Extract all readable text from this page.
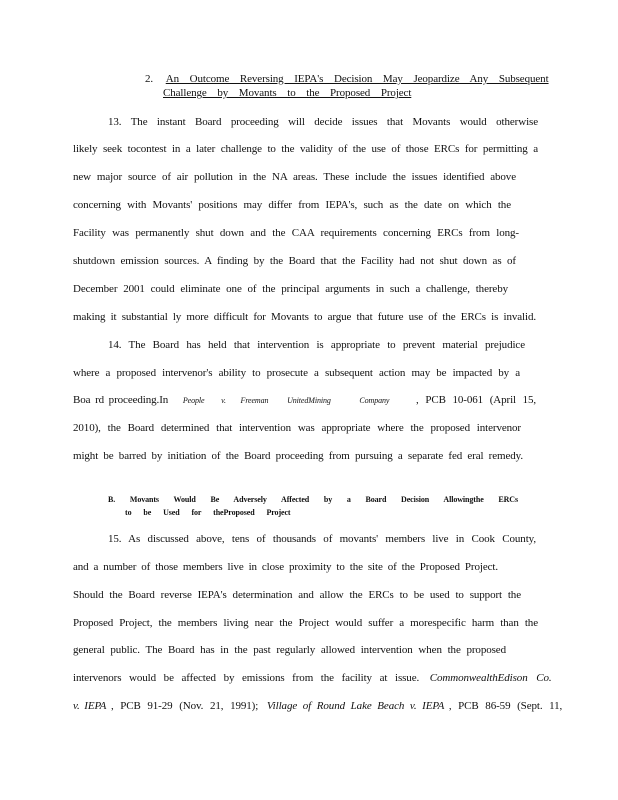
2. An Outcome Reversing IEPA's Decision May Jeopardize Any Subsequent
Challenge by Movants to the Proposed Project
13. The instant Board proceeding will decide issues that Movants would otherwise
likely seek tocontest in a later challenge to the validity of the use of those ERCs for permitting a
new major source of air pollution in the NA areas. These include the issues identified above
concerning with Movants' positions may differ from IEPA's, such as the date on which the
Facility was permanently shut down and the CAA requirements concerning ERCs from long-
shutdown emission sources. A finding by the Board that the Facility had not shut down as of
December 2001 could eliminate one of the principal arguments in such a challenge, thereby
making it substantial ly more difficult for Movants to argue that future use of the ERCs is invalid.
14. The Board has held that intervention is appropriate to prevent material prejudice
where a proposed intervenor's ability to prosecute a subsequent action may be impacted by a
Boa rd proceeding.In People v. Freeman UnitedMining	Company , PCB 10-061 (April 15,
2010), the Board determined that intervention was appropriate where the proposed intervenor
might be barred by initiation of the Board proceeding from pursuing a separate fed eral remedy.
B. Movants Would Be Adversely Affected by a Board Decision Allowingthe ERCs
to be Used for theProposed Project
15. As discussed above, tens of thousands of movants' members live in Cook County,
and a number of those members live in close proximity to the site of the Proposed Project.
Should the Board reverse IEPA's determination and allow the ERCs to be used to support the
Proposed Project, the members living near the Project would suffer a morespecific harm than the
general public. The Board has in the past regularly allowed intervention when the proposed
intervenors would be affected by emissions from the facility at issue. CommonwealthEdison Co.
v. IEPA , PCB 91-29 (Nov. 21, 1991); Village of Round Lake Beach v. IEPA , PCB 86-59 (Sept. 11,
